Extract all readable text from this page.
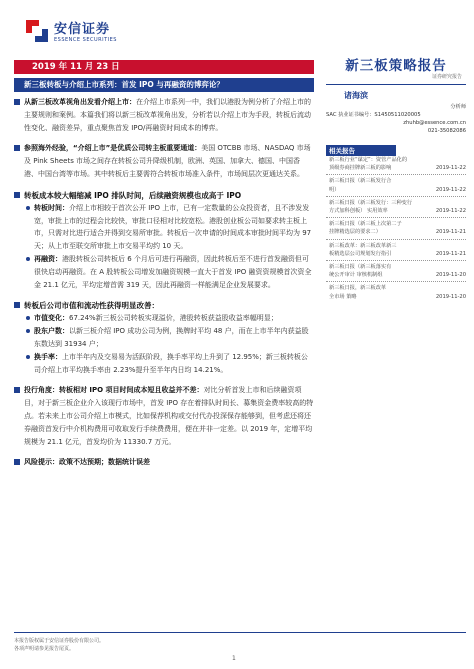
安信证券
ESSENCE SECURITIES
2019 年 11 月 23 日
新三板转板与介绍上市系列：首发 IPO 与再融资的博弈论？
新三板策略报告
证券研究报告
从新三板改革视角出发看介绍上市：在介绍上市系列一中，我们以港股为例分析了介绍上市的主要规则和案例。本篇我们将以新三板改革视角出发，分析若以介绍上市为手段，转板后流动性变化、融资差异，重点聚焦首发 IPO/再融资时间成本的博弈。
参照海外经验，“介绍上市”是优质公司转主板重要通道：美国 OTCBB 市场、NASDAQ 市场及 Pink Sheets 市场之间存在转板公司升降级机制，欧洲、英国、加拿大、德国、中国香港、中国台湾等市场。其中转板后主要需符合转板市场准入条件，市场间层次更通达关系。
转板成本较大幅缩减 IPO 排队时间，后续融资规模也成高于 IPO
转板时间：介绍上市相较于首次公开 IPO 上市，已有一定数量的公众投资者，且不涉发发宽，审批上市的过程会比较快，审批口径相对比较宽松。港股创业板公司如要求转主板上市，只需对比进行适合并得到交易所审批。转板后一次申请的时间成本审批时间平均为 97 天；从上市至联交所审批上市交易平均约 10 天。
再融资：港股转板公司转板后 6 个月后可进行再融资，因此转板后至不进行首发融资但可很快启动再融资。在 A 股转板公司增发加融资规模一直大于首发 IPO 融资资规模首次资全金 21.1 亿元，平均定增首需 319 天，因此再融资一样能满足企业发展要求。
转板后公司市值和流动性获得明显改善：
市值变化：67.24%新三板公司转板实现溢价，港股转板获益股收益率幅明显；
股东户数：以新三板介绍 IPO 成功公司为例，换牌时平均 48 户，而在上市半年内获益股东数达到 31934 户；
换手率：上市半年内及交易易为活跃阶段，换手率平均上升到了 12.95%；新三板转板公司介绍上市平均换手率由 2.23%提升至半年内日均 14.21%。
投行角度：转板相对 IPO 项目时间成本短且收益并不差：对比分析首发上市和后续融资项目，对于新三板企业介入该现行市场中，首发 IPO 存在着排队时间长、募集资金费率较高的特点。若未来上市公司介绍上市模式，比如保荐机构或交付代办投深保存能够到，但考虑还将还券融资首发行中介机构费用可收取发行手续费费用，便在并非一定差。以 2019 年，定增平均规模为 21.1 亿元，首发均价为 11330.7 万元。
风险提示：政策不达预期；数据统计误差
诸海滨
分析师
SAC 执业证书编号：S1450511020005
zhuhb@essence.com.cn
021-35082086
相关报告
新三板行业“谋定”：资管产品化的
顶级券商挂牌新三板的影响	2019-11-22
新三板日报（新三板发行合
明）	2019-11-22
新三板日报（新三板发行：三种变行
方式加科创板） 实用效率	2019-11-22
新三板日报（新三板上次第二子
挂牌精选层的要求二）	2019-11-21
新三板改革：新三板改革新三
板精选层公司规划发行指引	2019-11-21
新三板日报（新三板落实有
统公开审计 审核机制组	2019-11-20
新三板日报，新三板改革
全市场 策略	2019-11-20
本报告版权属于安信证券股份有限公司。
各项声明请参见报告尾页。
1
